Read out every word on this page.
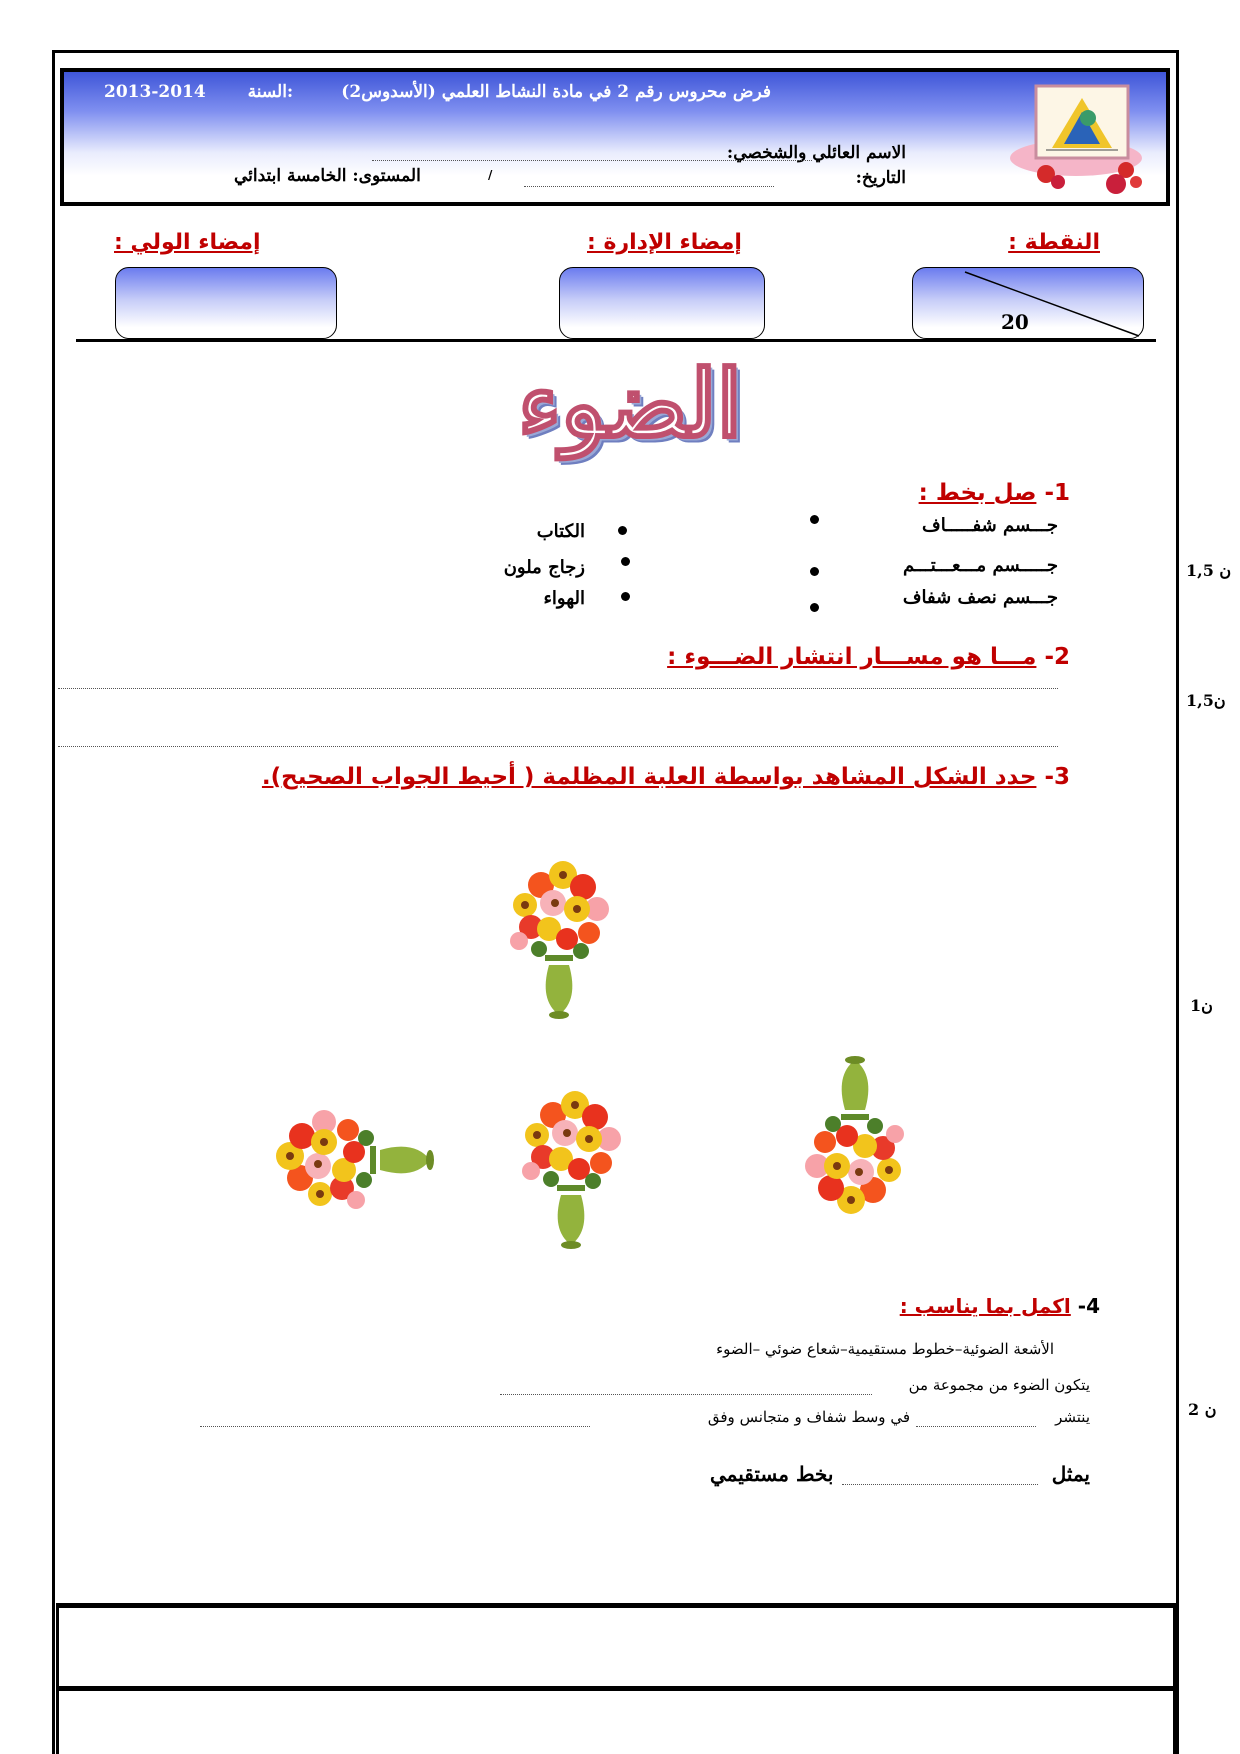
فرض محروس رقم 2 في مادة النشاط العلمي (الأسدوس2)
2013-2014 السنة:
الاسم العائلي والشخصي:
التاريخ:
/
المستوى: الخامسة ابتدائي
النقطة :
إمضاء الإدارة :
إمضاء الولي :
20
الضوء
1- صل بخط :
جـــسم شفـــــاف
جـــــسم مـــعـــتـــم
جـــسم نصف شفاف
الكتاب
زجاج ملون
الهواء
1,5 ن
2- مـــا هو مســـار انتشار الضـــوء :
1,5ن
3- حدد الشكل المشاهد بواسطة العلبة المظلمة ( أحيط الجواب الصحيح).
1ن
4- اكمل بما يناسب :
الأشعة الضوئية–خطوط مستقيمية–شعاع ضوئي –الضوء
يتكون الضوء من مجموعة من
ينتشر
في وسط شفاف و متجانس وفق
يمثل
بخط مستقيمي
2 ن
